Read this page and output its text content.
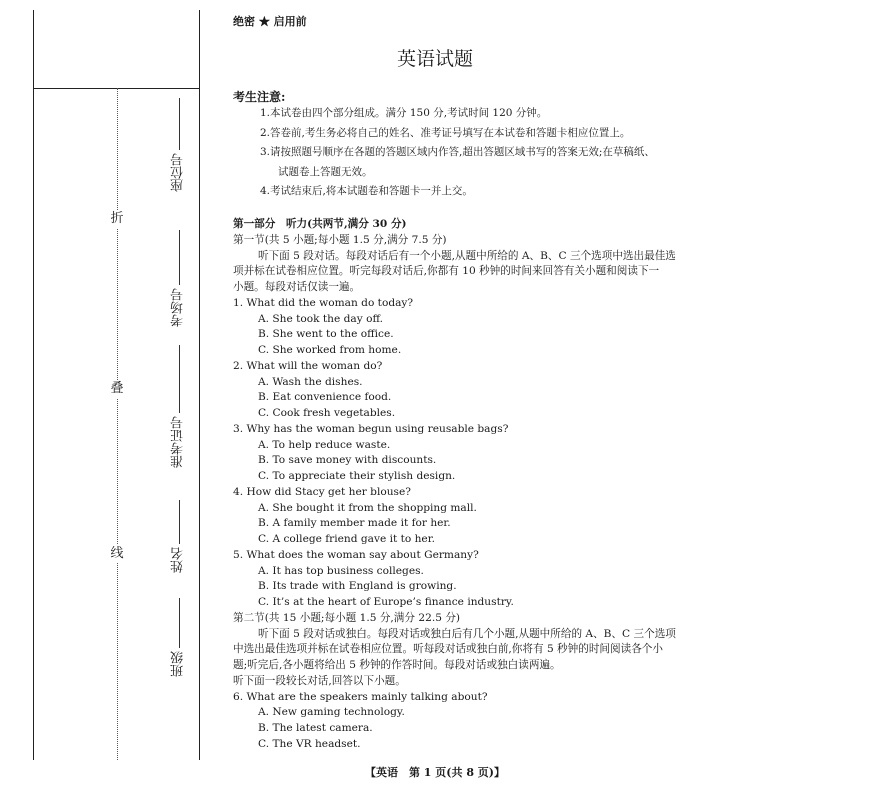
折
叠
线
座位号
考场号
准考证号
姓名
班级
绝密 ★ 启用前
英语试题
考生注意:
1.本试卷由四个部分组成。满分 150 分,考试时间 120 分钟。
2.答卷前,考生务必将自己的姓名、准考证号填写在本试卷和答题卡相应位置上。
3.请按照题号顺序在各题的答题区域内作答,超出答题区域书写的答案无效;在草稿纸、
试题卷上答题无效。
4.考试结束后,将本试题卷和答题卡一并上交。

第一部分　听力(共两节,满分 30 分)

第一节(共 5 小题;每小题 1.5 分,满分 7.5 分)

听下面 5 段对话。每段对话后有一个小题,从题中所给的 A、B、C 三个选项中选出最佳选

项并标在试卷相应位置。听完每段对话后,你都有 10 秒钟的时间来回答有关小题和阅读下一

小题。每段对话仅读一遍。

1. What did the woman do today?

A. She took the day off.

B. She went to the office.

C. She worked from home.

2. What will the woman do?

A. Wash the dishes.

B. Eat convenience food.

C. Cook fresh vegetables.

3. Why has the woman begun using reusable bags?

A. To help reduce waste.

B. To save money with discounts.

C. To appreciate their stylish design.

4. How did Stacy get her blouse?

A. She bought it from the shopping mall.

B. A family member made it for her.

C. A college friend gave it to her.

5. What does the woman say about Germany?

A. It has top business colleges.

B. Its trade with England is growing.

C. It’s at the heart of Europe’s finance industry.

第二节(共 15 小题;每小题 1.5 分,满分 22.5 分)

听下面 5 段对话或独白。每段对话或独白后有几个小题,从题中所给的 A、B、C 三个选项

中选出最佳选项并标在试卷相应位置。听每段对话或独白前,你将有 5 秒钟的时间阅读各个小

题;听完后,各小题将给出 5 秒钟的作答时间。每段对话或独白读两遍。

听下面一段较长对话,回答以下小题。

6. What are the speakers mainly talking about?

A. New gaming technology.

B. The latest camera.

C. The VR headset.

【英语　第 1 页(共 8 页)】
